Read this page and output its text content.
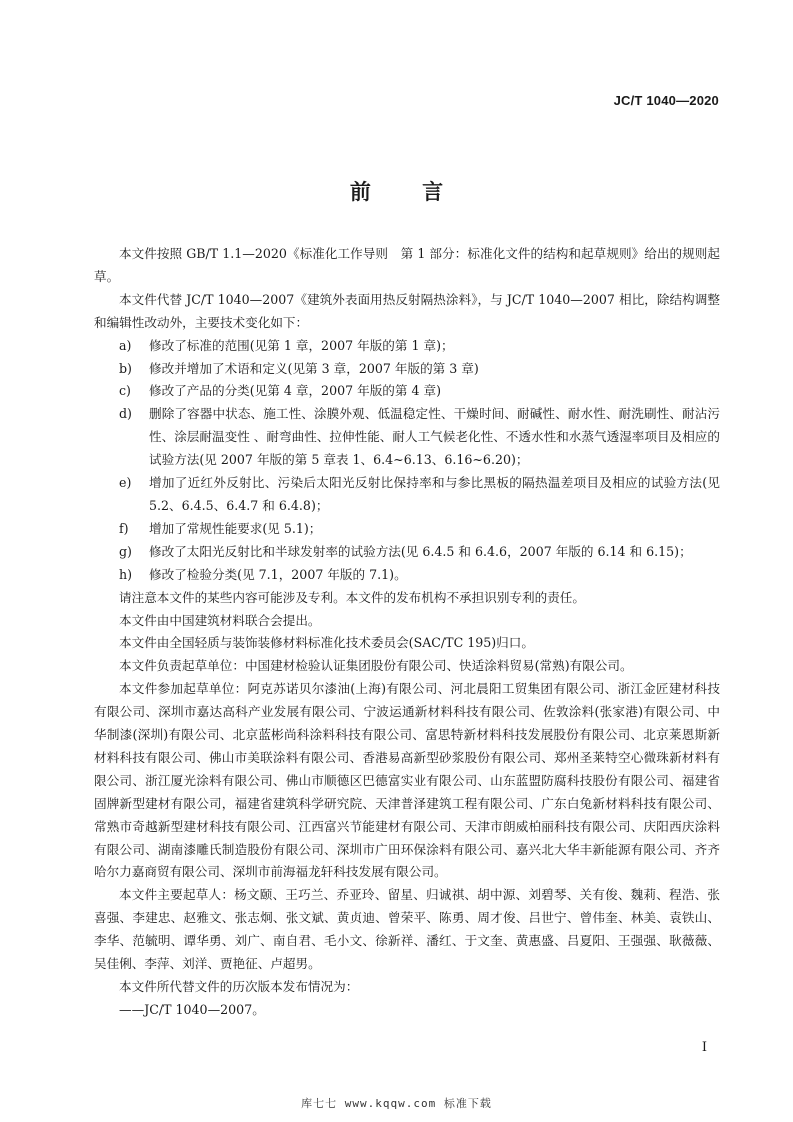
JC/T 1040—2020
前 言

本文件按照 GB/T 1.1—2020《标准化工作导则　第 1 部分：标准化文件的结构和起草规则》给出的规则起草。

本文件代替 JC/T 1040—2007《建筑外表面用热反射隔热涂料》，与 JC/T 1040—2007 相比，除结构调整和编辑性改动外，主要技术变化如下：

a)	修改了标准的范围(见第 1 章，2007 年版的第 1 章)；
b)	修改并增加了术语和定义(见第 3 章，2007 年版的第 3 章)
c)	修改了产品的分类(见第 4 章，2007 年版的第 4 章)
d)	删除了容器中状态、施工性、涂膜外观、低温稳定性、干燥时间、耐碱性、耐水性、耐洗刷性、耐沾污性、涂层耐温变性 、耐弯曲性、拉伸性能、耐人工气候老化性、不透水性和水蒸气透湿率项目及相应的试验方法(见 2007 年版的第 5 章表 1、6.4~6.13、6.16~6.20)；
e)	增加了近红外反射比、污染后太阳光反射比保持率和与参比黑板的隔热温差项目及相应的试验方法(见 5.2、6.4.5、6.4.7 和 6.4.8)；
f)	增加了常规性能要求(见 5.1)；
g)	修改了太阳光反射比和半球发射率的试验方法(见 6.4.5 和 6.4.6，2007 年版的 6.14 和 6.15)；
h)	修改了检验分类(见 7.1，2007 年版的 7.1)。

请注意本文件的某些内容可能涉及专利。本文件的发布机构不承担识别专利的责任。

本文件由中国建筑材料联合会提出。

本文件由全国轻质与装饰装修材料标准化技术委员会(SAC/TC 195)归口。

本文件负责起草单位：中国建材检验认证集团股份有限公司、快适涂料贸易(常熟)有限公司。

本文件参加起草单位：阿克苏诺贝尔漆油(上海)有限公司、河北晨阳工贸集团有限公司、浙江金匠建材科技有限公司、深圳市嘉达高科产业发展有限公司、宁波运通新材料科技有限公司、佐敦涂料(张家港)有限公司、中华制漆(深圳)有限公司、北京蓝彬尚科涂料科技有限公司、富思特新材料科技发展股份有限公司、北京莱恩斯新材料科技有限公司、佛山市美联涂料有限公司、香港易高新型砂浆股份有限公司、郑州圣莱特空心微珠新材料有限公司、浙江厦光涂料有限公司、佛山市顺德区巴德富实业有限公司、山东蓝盟防腐科技股份有限公司、福建省固牌新型建材有限公司，福建省建筑科学研究院、天津普泽建筑工程有限公司、广东白兔新材料科技有限公司、常熟市奇越新型建材科技有限公司、江西富兴节能建材有限公司、天津市朗威柏丽科技有限公司、庆阳西庆涂料有限公司、湖南漆雕氏制造股份有限公司、深圳市广田环保涂料有限公司、嘉兴北大华丰新能源有限公司、齐齐哈尔力嘉商贸有限公司、深圳市前海福龙轩科技发展有限公司。

本文件主要起草人：杨文颐、王巧兰、乔亚玲、留星、归诚祺、胡中源、刘碧琴、关有俊、魏莉、程浩、张喜强、李建忠、赵雅文、张志炯、张文斌、黄贞迪、曾荣平、陈勇、周才俊、吕世宁、曾伟奎、林美、袁铁山、李华、范毓明、谭华勇、刘广、南自君、毛小文、徐新祥、潘红、于文奎、黄惠盛、吕夏阳、王强强、耿薇薇、吴佳俐、李萍、刘洋、贾艳征、卢超男。

本文件所代替文件的历次版本发布情况为：

——JC/T 1040—2007。

I
库七七 www.kqqw.com 标准下载
